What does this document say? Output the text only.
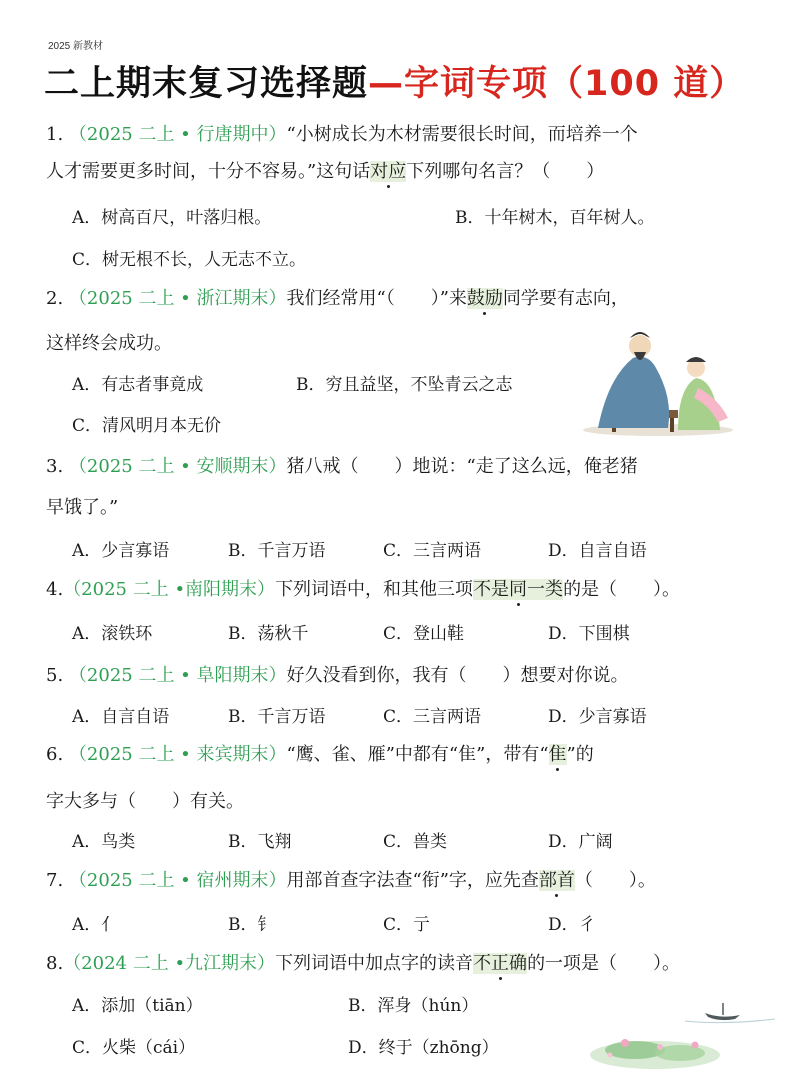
2025 新教材
二上期末复习选择题—字词专项（100 道）
1. （2025 二上 • 行唐期中）“小树成长为木材需要很长时间，而培养一个
人才需要更多时间，十分不容易。”这句话对应下列哪句名言？（　　）
A．树高百尺，叶落归根。	B．十年树木，百年树人。
C．树无根不长，人无志不立。
2. （2025 二上 • 浙江期末）我们经常用“（　　）”来鼓励同学要有志向，
这样终会成功。
A．有志者事竟成	B．穷且益坚，不坠青云之志
C．清风明月本无价
3. （2025 二上 • 安顺期末）猪八戒（　　）地说：“走了这么远，俺老猪
早饿了。”
A．少言寡语	B．千言万语	C．三言两语	D．自言自语
4.（2025 二上 •南阳期末）下列词语中，和其他三项不是同一类的是（　　）。
A．滚铁环	B．荡秋千	C．登山鞋	D．下围棋
5. （2025 二上 • 阜阳期末）好久没看到你，我有（　　）想要对你说。
A．自言自语	B．千言万语	C．三言两语	D．少言寡语
6. （2025 二上 • 来宾期末）“鹰、雀、雁”中都有“隹”，带有“隹”的
字大多与（　　）有关。
A．鸟类	B．飞翔	C．兽类	D．广阔
7. （2025 二上 • 宿州期末）用部首查字法查“衔”字，应先查部首（　　）。
A．亻	B．钅	C．亍	D．彳
8.（2024 二上 •九江期末）下列词语中加点字的读音不正确的一项是（　　）。
A．添加（tiān）	B．浑身（hún）
C．火柴（cái）	D．终于（zhōng）
